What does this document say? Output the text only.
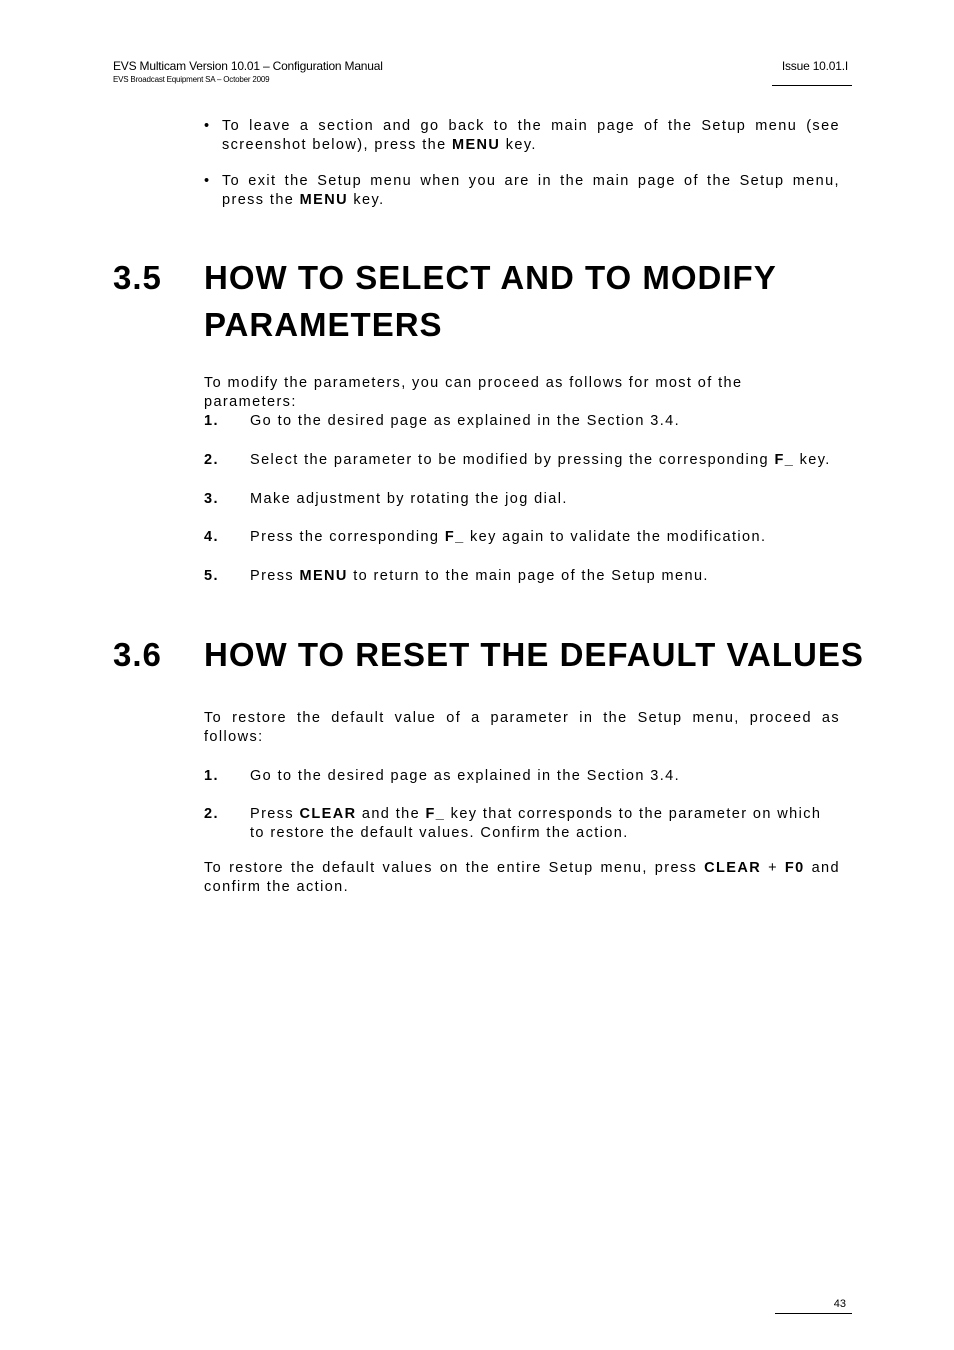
EVS Multicam Version 10.01 – Configuration Manual
EVS Broadcast Equipment SA – October 2009
Issue 10.01.I
• To leave a section and go back to the main page of the Setup menu (see screenshot below), press the MENU key.
• To exit the Setup menu when you are in the main page of the Setup menu, press the MENU key.
3.5 HOW TO SELECT AND TO MODIFY PARAMETERS
To modify the parameters, you can proceed as follows for most of the parameters:
1. Go to the desired page as explained in the Section 3.4.
2. Select the parameter to be modified by pressing the corresponding F_ key.
3. Make adjustment by rotating the jog dial.
4. Press the corresponding F_ key again to validate the modification.
5. Press MENU to return to the main page of the Setup menu.
3.6 HOW TO RESET THE DEFAULT VALUES
To restore the default value of a parameter in the Setup menu, proceed as follows:
1. Go to the desired page as explained in the Section 3.4.
2. Press CLEAR and the F_ key that corresponds to the parameter on which to restore the default values. Confirm the action.
To restore the default values on the entire Setup menu, press CLEAR + F0 and confirm the action.
43
